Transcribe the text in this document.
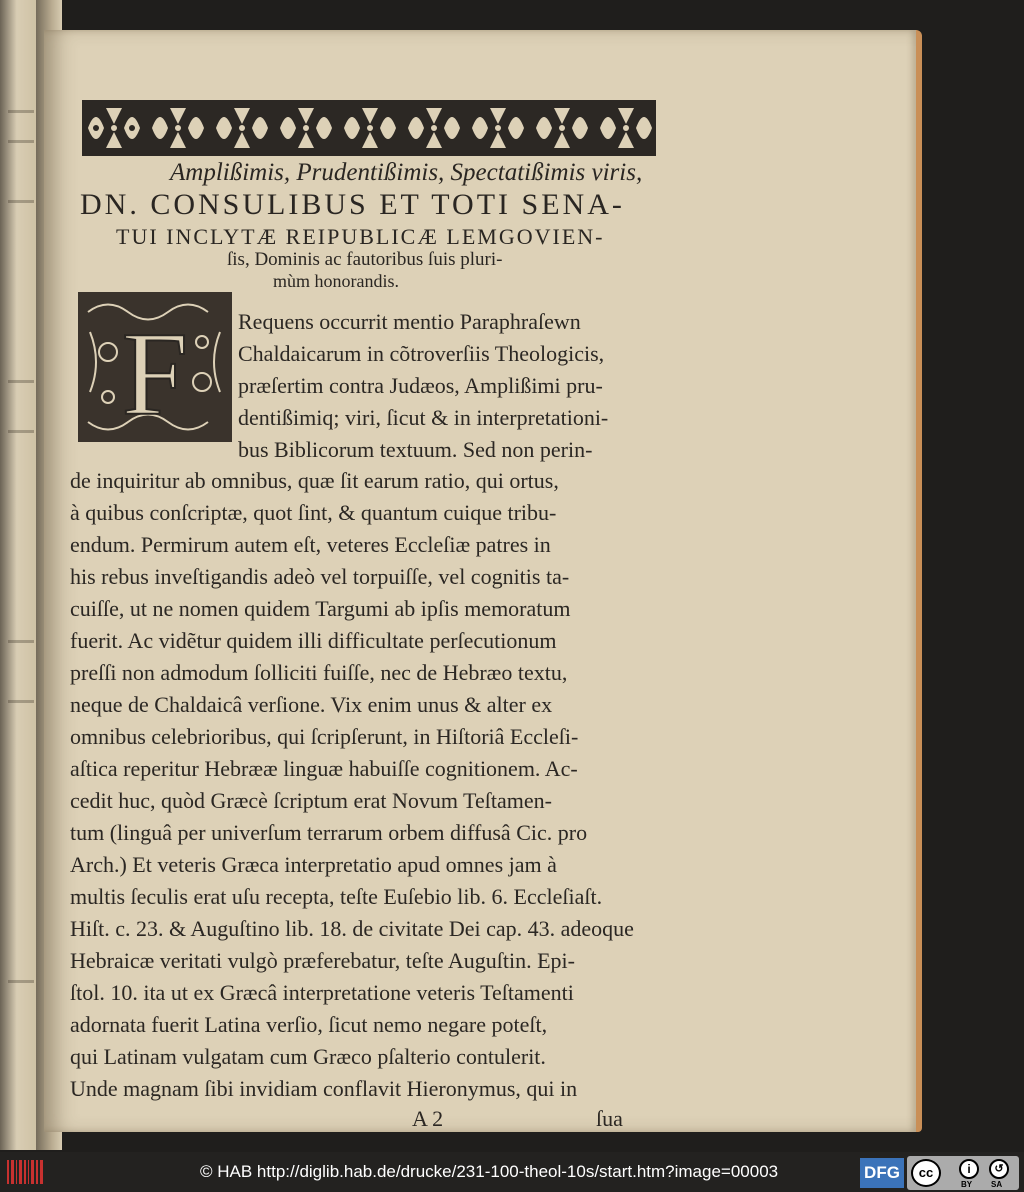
Amplißimis, Prudentißimis, Spectatißimis viris,
DN. CONSULIBUS ET TOTI SENA-
TUI INCLYTÆ REIPUBLICÆ LEMGOVIEN-
ſis, Dominis ac fautoribus ſuis pluri-
mùm honorandis.
F Requens occurrit mentio Paraphraſewn
Chaldaicarum in cõtroverſiis Theologicis,
præſertim contra Judæos, Amplißimi pru-
dentißimiq; viri, ſicut & in interpretationi-
bus Biblicorum textuum. Sed non perin-
de inquiritur ab omnibus, quæ ſit earum ratio, qui ortus,
à quibus conſcriptæ, quot ſint, & quantum cuique tribu-
endum. Permirum autem eſt, veteres Eccleſiæ patres in
his rebus inveſtigandis adeò vel torpuiſſe, vel cognitis ta-
cuiſſe, ut ne nomen quidem Targumi ab ipſis memoratum
fuerit. Ac vidẽtur quidem illi difficultate perſecutionum
preſſi non admodum ſolliciti fuiſſe, nec de Hebræo textu,
neque de Chaldaicâ verſione. Vix enim unus & alter ex
omnibus celebrioribus, qui ſcripſerunt, in Hiſtoriâ Eccleſi-
aſtica reperitur Hebrææ linguæ habuiſſe cognitionem. Ac-
cedit huc, quòd Græcè ſcriptum erat Novum Teſtamen-
tum (linguâ per univerſum terrarum orbem diffusâ Cic. pro
Arch.) Et veteris Græca interpretatio apud omnes jam à
multis ſeculis erat uſu recepta, teſte Euſebio lib. 6. Eccleſiaſt.
Hiſt. c. 23. & Auguſtino lib. 18. de civitate Dei cap. 43. adeoque
Hebraicæ veritati vulgò præferebatur, teſte Auguſtin. Epi-
ſtol. 10. ita ut ex Græcâ interpretatione veteris Teſtamenti
adornata fuerit Latina verſio, ſicut nemo negare poteſt,
qui Latinam vulgatam cum Græco pſalterio contulerit.
Unde magnam ſibi invidiam conflavit Hieronymus, qui in
A 2	ſua
© HAB http://diglib.hab.de/drucke/231-100-theol-10s/start.htm?image=00003	DFG	cc	i	↺
BY SA
